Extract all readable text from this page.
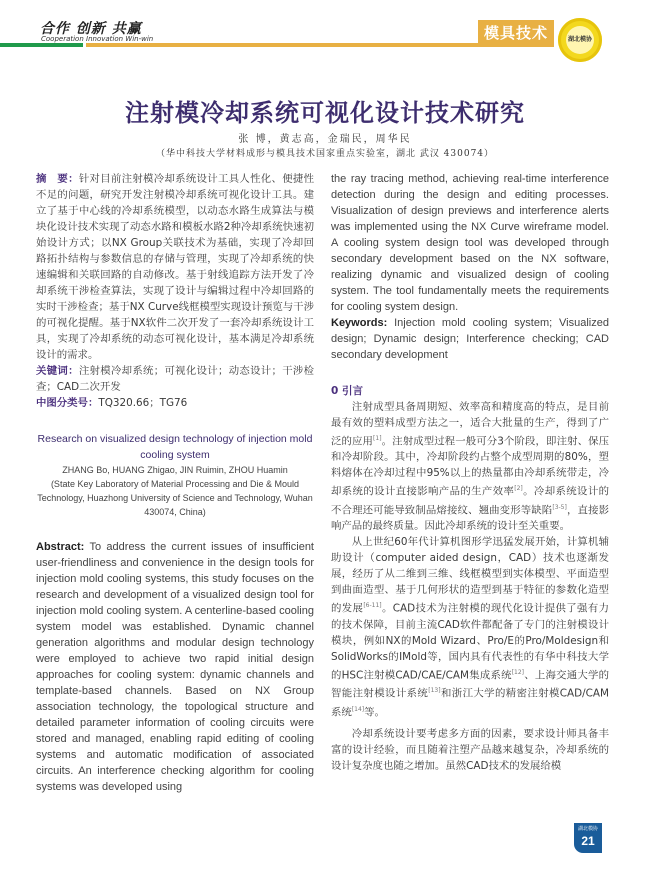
合作 创新 共赢
Cooperation Innovation Win-win	模具技术	湖北模协
注射模冷却系统可视化设计技术研究
张 博，黄志高，金瑞民，周华民
（华中科技大学材料成形与模具技术国家重点实验室，湖北 武汉 430074）

摘　要：针对目前注射模冷却系统设计工具人性化、便捷性不足的问题，研究开发注射模冷却系统可视化设计工具。建立了基于中心线的冷却系统模型，以动态水路生成算法与模块化设计技术实现了动态水路和模板水路2种冷却系统快速初始设计方式；以NX Group关联技术为基础，实现了冷却回路拓扑结构与参数信息的存储与管理，实现了冷却系统的快速编辑和关联回路的自动修改。基于射线追踪方法开发了冷却系统干涉检查算法，实现了设计与编辑过程中冷却回路的实时干涉检查；基于NX Curve线框模型实现设计预览与干涉的可视化提醒。基于NX软件二次开发了一套冷却系统设计工具，实现了冷却系统的动态可视化设计，基本满足冷却系统设计的需求。

关键词：注射模冷却系统；可视化设计；动态设计；干涉检查；CAD二次开发

中图分类号：TQ320.66；TG76

Research on visualized design technology of injection mold cooling system

ZHANG Bo, HUANG Zhigao, JIN Ruimin, ZHOU Huamin

(State Key Laboratory of Material Processing and Die & Mould Technology, Huazhong University of Science and Technology, Wuhan 430074, China)

Abstract: To address the current issues of insufficient user-friendliness and convenience in the design tools for injection mold cooling systems, this study focuses on the research and development of a visualized design tool for injection mold cooling system. A centerline-based cooling system model was established. Dynamic channel generation algorithms and modular design technology were employed to achieve two rapid initial design approaches for cooling system: dynamic channels and template-based channels. Based on NX Group association technology, the topological structure and detailed parameter information of cooling circuits were stored and managed, enabling rapid editing of cooling systems and automatic modification of associated circuits. An interference checking algorithm for cooling systems was developed using

the ray tracing method, achieving real-time interference detection during the design and editing processes. Visualization of design previews and interference alerts was implemented using the NX Curve wireframe model. A cooling system design tool was developed through secondary development based on the NX software, realizing dynamic and visualized design of cooling system. The tool fundamentally meets the requirements for cooling system design.

Keywords: Injection mold cooling system; Visualized design; Dynamic design; Interference checking; CAD secondary development

0 引言

注射成型具备周期短、效率高和精度高的特点，是目前最有效的塑料成型方法之一，适合大批量的生产，得到了广泛的应用[1]。注射成型过程一般可分3个阶段，即注射、保压和冷却阶段。其中，冷却阶段约占整个成型周期的80%，塑料熔体在冷却过程中95%以上的热量都由冷却系统带走，冷却系统的设计直接影响产品的生产效率[2]。冷却系统设计的不合理还可能导致制品熔接纹、翘曲变形等缺陷[3-5]，直接影响产品的最终质量。因此冷却系统的设计至关重要。

从上世纪60年代计算机图形学迅猛发展开始，计算机辅助设计（computer aided design，CAD）技术也逐渐发展，经历了从二维到三维、线框模型到实体模型、平面造型到曲面造型、基于几何形状的造型到基于特征的参数化造型的发展[6-11]。CAD技术为注射模的现代化设计提供了强有力的技术保障，目前主流CAD软件都配备了专门的注射模设计模块，例如NX的Mold Wizard、Pro/E的Pro/Moldesign和SolidWorks的IMold等，国内具有代表性的有华中科技大学的HSC注射模CAD/CAE/CAM集成系统[12]、上海交通大学的智能注射模设计系统[13]和浙江大学的精密注射模CAD/CAM系统[14]等。

冷却系统设计要考虑多方面的因素，要求设计师具备丰富的设计经验，而且随着注塑产品越来越复杂，冷却系统的设计复杂度也随之增加。虽然CAD技术的发展给模

湖北模协
21
